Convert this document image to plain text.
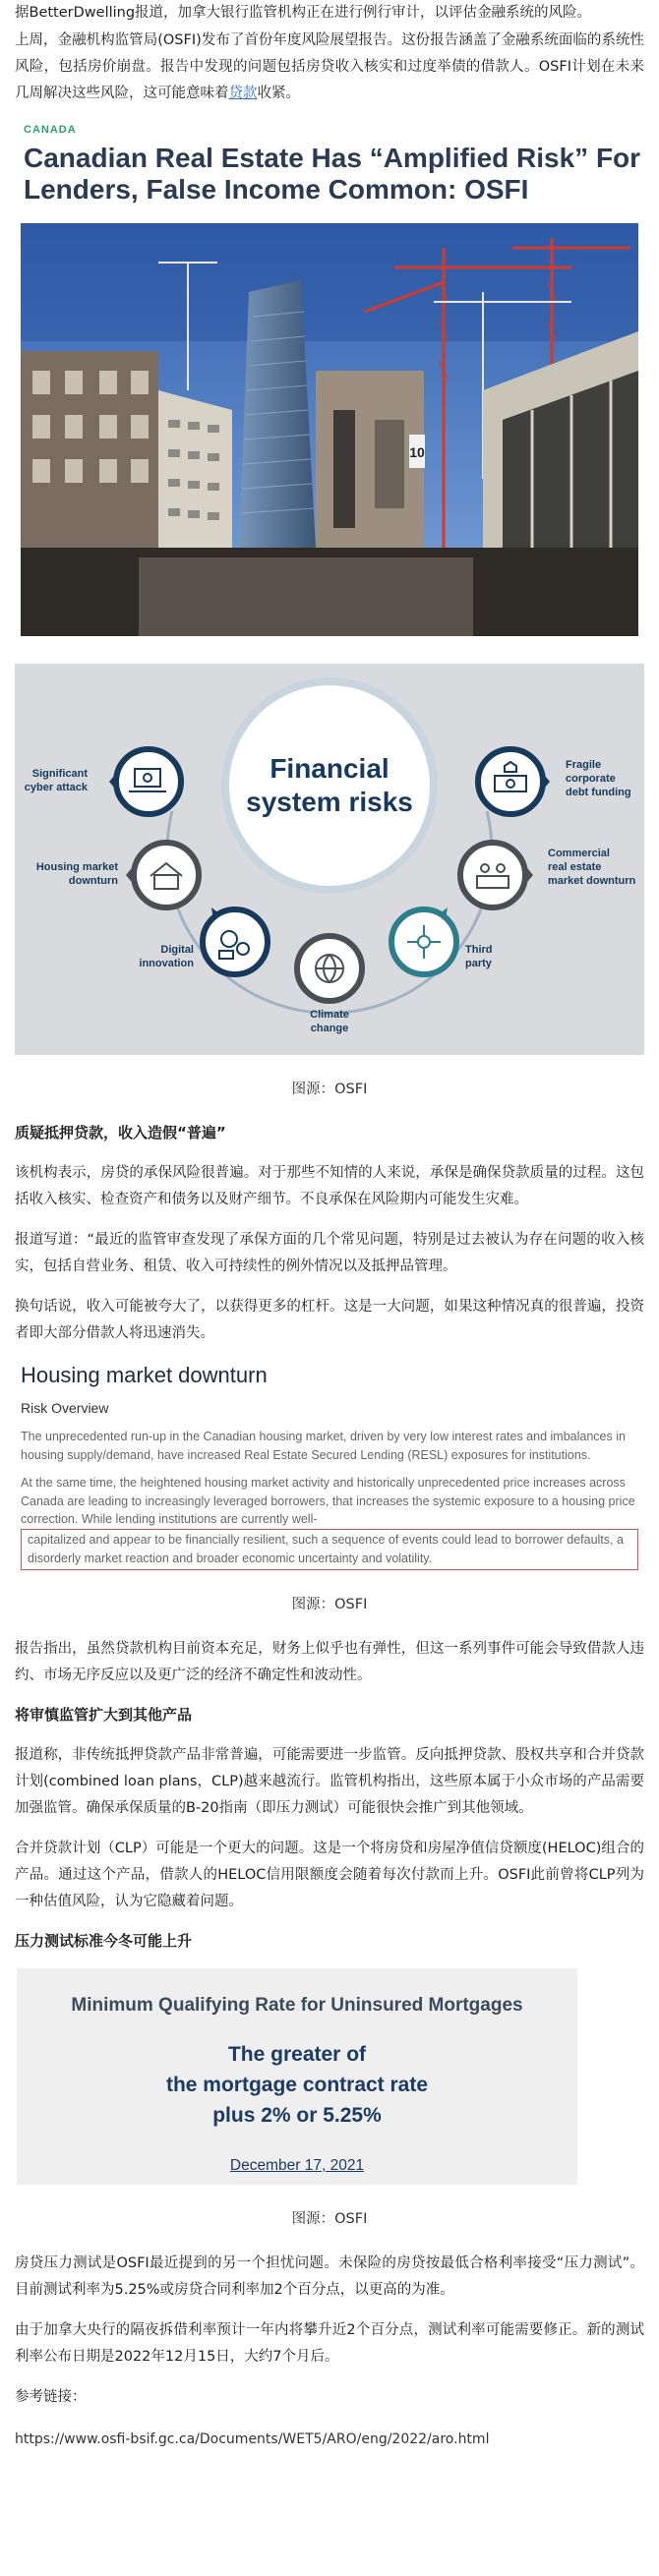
据BetterDwelling报道，加拿大银行监管机构正在进行例行审计，以评估金融系统的风险。

上周，金融机构监管局(OSFI)发布了首份年度风险展望报告。这份报告涵盖了金融系统面临的系统性风险，包括房价崩盘。报告中发现的问题包括房贷收入核实和过度举债的借款人。OSFI计划在未来几周解决这些风险，这可能意味着贷款收紧。

CANADA
Canadian Real Estate Has “Amplified Risk” For Lenders, False Income Common: OSFI
10
Financial
system risks
Significant
cyber attack
Housing market
downturn
Digital
innovation
Climate
change
Third
party
Commercial
real estate
market downturn
Fragile
corporate
debt funding
图源：OSFI
质疑抵押贷款，收入造假“普遍”

该机构表示，房贷的承保风险很普遍。对于那些不知情的人来说，承保是确保贷款质量的过程。这包括收入核实、检查资产和债务以及财产细节。不良承保在风险期内可能发生灾难。

报道写道：“最近的监管审查发现了承保方面的几个常见问题，特别是过去被认为存在问题的收入核实，包括自营业务、租赁、收入可持续性的例外情况以及抵押品管理。

换句话说，收入可能被夸大了，以获得更多的杠杆。这是一大问题，如果这种情况真的很普遍，投资者即大部分借款人将迅速消失。

Housing market downturn
Risk Overview

The unprecedented run-up in the Canadian housing market, driven by very low interest rates and imbalances in housing supply/demand, have increased Real Estate Secured Lending (RESL) exposures for institutions.

At the same time, the heightened housing market activity and historically unprecedented price increases across Canada are leading to increasingly leveraged borrowers, that increases the systemic exposure to a housing price correction. While lending institutions are currently well-

capitalized and appear to be financially resilient, such a sequence of events could lead to borrower defaults, a disorderly market reaction and broader economic uncertainty and volatility.

图源：OSFI

报告指出，虽然贷款机构目前资本充足，财务上似乎也有弹性，但这一系列事件可能会导致借款人违约、市场无序反应以及更广泛的经济不确定性和波动性。

将审慎监管扩大到其他产品

报道称，非传统抵押贷款产品非常普遍，可能需要进一步监管。反向抵押贷款、股权共享和合并贷款计划(combined loan plans，CLP)越来越流行。监管机构指出，这些原本属于小众市场的产品需要加强监管。确保承保质量的B-20指南（即压力测试）可能很快会推广到其他领域。

合并贷款计划（CLP）可能是一个更大的问题。这是一个将房贷和房屋净值信贷额度(HELOC)组合的产品。通过这个产品，借款人的HELOC信用限额度会随着每次付款而上升。OSFI此前曾将CLP列为一种估值风险，认为它隐藏着问题。

压力测试标准今冬可能上升
Minimum Qualifying Rate for Uninsured Mortgages
The greater of
the mortgage contract rate
plus 2% or 5.25%
December 17, 2021
图源：OSFI

房贷压力测试是OSFI最近提到的另一个担忧问题。未保险的房贷按最低合格利率接受“压力测试”。目前测试利率为5.25%或房贷合同利率加2个百分点，以更高的为准。

由于加拿大央行的隔夜拆借利率预计一年内将攀升近2个百分点，测试利率可能需要修正。新的测试利率公布日期是2022年12月15日，大约7个月后。

参考链接：

https://www.osfi-bsif.gc.ca/Documents/WET5/ARO/eng/2022/aro.html
